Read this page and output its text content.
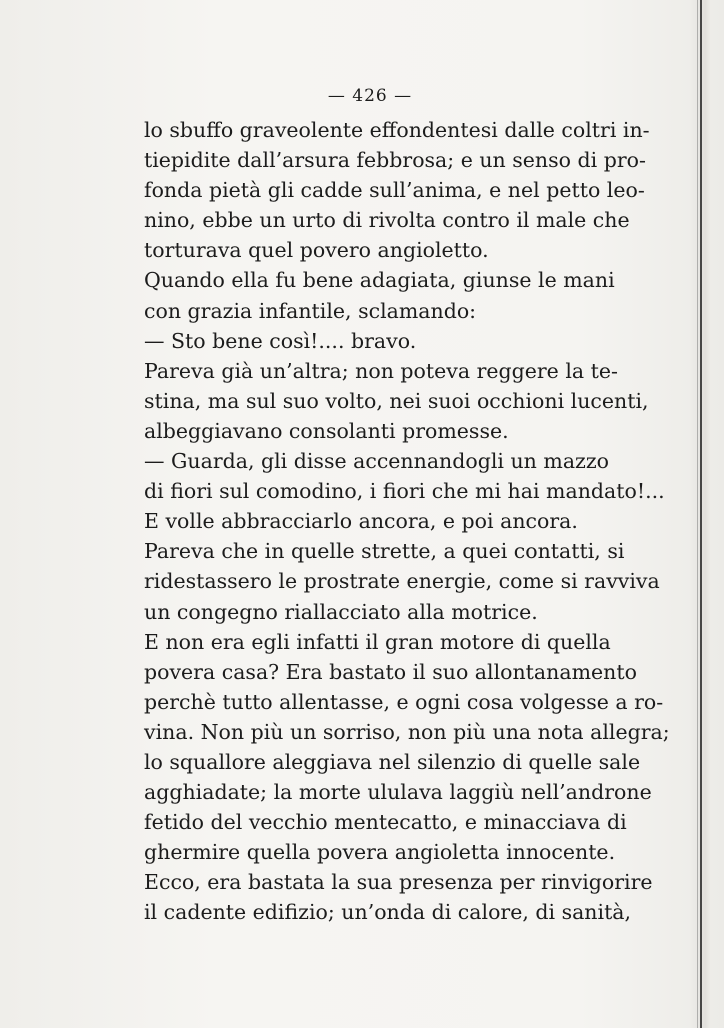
— 426 —
lo sbuffo graveolente effondentesi dalle coltri in-
tiepidite dall’arsura febbrosa; e un senso di pro-
fonda pietà gli cadde sull’anima, e nel petto leo-
nino, ebbe un urto di rivolta contro il male che
torturava quel povero angioletto.
Quando ella fu bene adagiata, giunse le mani
con grazia infantile, sclamando:
— Sto bene così!.... bravo.
Pareva già un’altra; non poteva reggere la te-
stina, ma sul suo volto, nei suoi occhioni lucenti,
albeggiavano consolanti promesse.
— Guarda, gli disse accennandogli un mazzo
di fiori sul comodino, i fiori che mi hai mandato!...
E volle abbracciarlo ancora, e poi ancora.
Pareva che in quelle strette, a quei contatti, si
ridestassero le prostrate energie, come si ravviva
un congegno riallacciato alla motrice.
E non era egli infatti il gran motore di quella
povera casa? Era bastato il suo allontanamento
perchè tutto allentasse, e ogni cosa volgesse a ro-
vina. Non più un sorriso, non più una nota allegra;
lo squallore aleggiava nel silenzio di quelle sale
agghiadate; la morte ululava laggiù nell’androne
fetido del vecchio mentecatto, e minacciava di
ghermire quella povera angioletta innocente.
Ecco, era bastata la sua presenza per rinvigorire
il cadente edifizio; un’onda di calore, di sanità,
